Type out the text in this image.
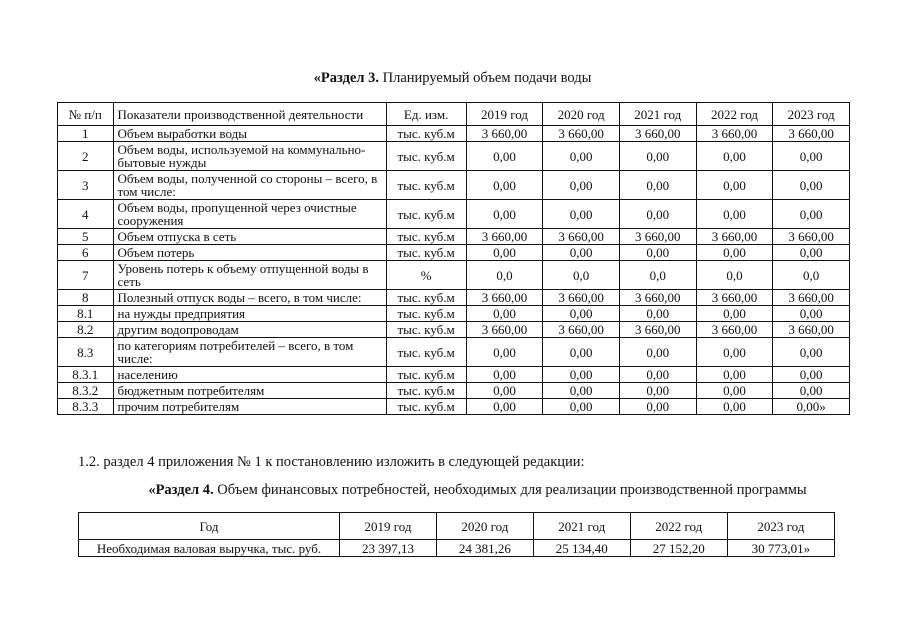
«Раздел 3. Планируемый объем подачи воды
№ п/п	Показатели производственной деятельности	Ед. изм.	2019 год	2020 год	2021 год	2022 год	2023 год
1	Объем выработки воды	тыс. куб.м	3 660,00	3 660,00	3 660,00	3 660,00	3 660,00
2	Объем воды, используемой на коммунально-бытовые нужды	тыс. куб.м	0,00	0,00	0,00	0,00	0,00
3	Объем воды, полученной со стороны – всего, в том числе:	тыс. куб.м	0,00	0,00	0,00	0,00	0,00
4	Объем воды, пропущенной через очистные сооружения	тыс. куб.м	0,00	0,00	0,00	0,00	0,00
5	Объем отпуска в сеть	тыс. куб.м	3 660,00	3 660,00	3 660,00	3 660,00	3 660,00
6	Объем потерь	тыс. куб.м	0,00	0,00	0,00	0,00	0,00
7	Уровень потерь к объему отпущенной воды в сеть	%	0,0	0,0	0,0	0,0	0,0
8	Полезный отпуск воды – всего, в том числе:	тыс. куб.м	3 660,00	3 660,00	3 660,00	3 660,00	3 660,00
8.1	на нужды предприятия	тыс. куб.м	0,00	0,00	0,00	0,00	0,00
8.2	другим водопроводам	тыс. куб.м	3 660,00	3 660,00	3 660,00	3 660,00	3 660,00
8.3	по категориям потребителей – всего, в том числе:	тыс. куб.м	0,00	0,00	0,00	0,00	0,00
8.3.1	населению	тыс. куб.м	0,00	0,00	0,00	0,00	0,00
8.3.2	бюджетным потребителям	тыс. куб.м	0,00	0,00	0,00	0,00	0,00
8.3.3	прочим потребителям	тыс. куб.м	0,00	0,00	0,00	0,00	0,00»
1.2. раздел 4 приложения № 1 к постановлению изложить в следующей редакции:
«Раздел 4. Объем финансовых потребностей, необходимых для реализации производственной программы
Год	2019 год	2020 год	2021 год	2022 год	2023 год
Необходимая валовая выручка, тыс. руб.	23 397,13	24 381,26	25 134,40	27 152,20	30 773,01»
